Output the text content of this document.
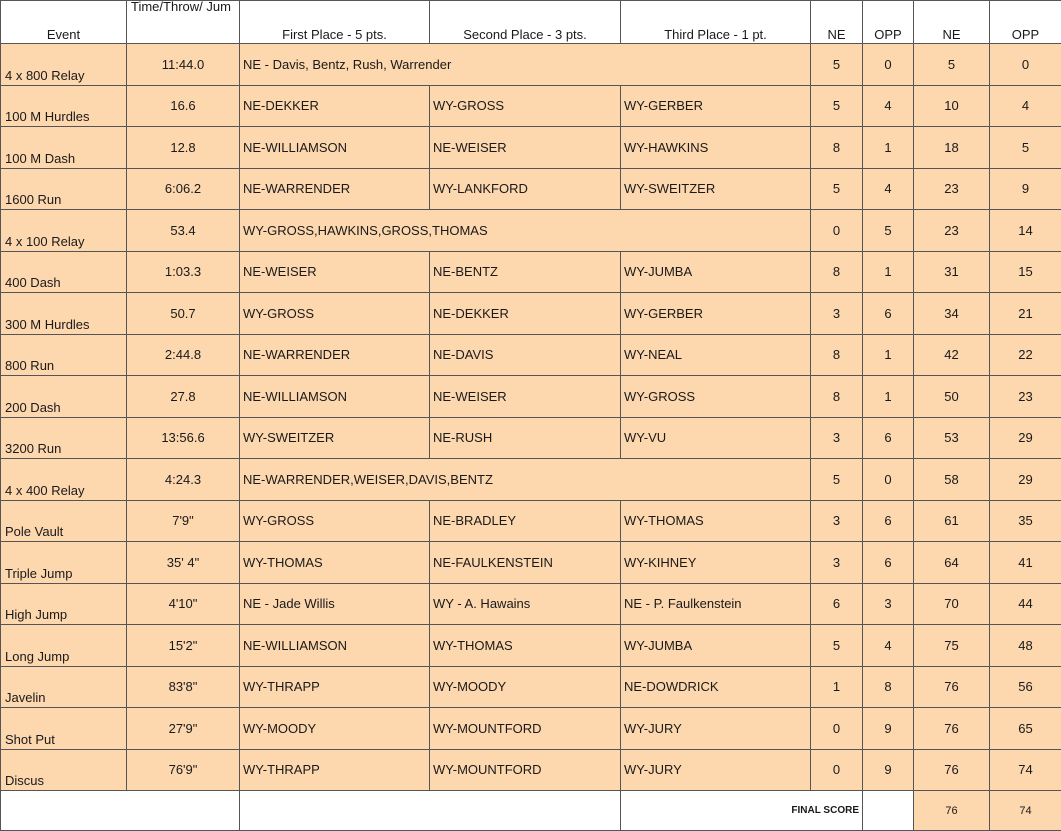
Event	Time/Throw/ Jum	First Place - 5 pts.	Second Place - 3 pts.	Third Place - 1 pt.	NE	OPP	NE	OPP
4 x 800 Relay	11:44.0	NE - Davis, Bentz, Rush, Warrender			5	0	5	0
100 M Hurdles	16.6	NE-DEKKER	WY-GROSS	WY-GERBER	5	4	10	4
100 M Dash	12.8	NE-WILLIAMSON	NE-WEISER	WY-HAWKINS	8	1	18	5
1600 Run	6:06.2	NE-WARRENDER	WY-LANKFORD	WY-SWEITZER	5	4	23	9
4 x 100 Relay	53.4	WY-GROSS,HAWKINS,GROSS,THOMAS			0	5	23	14
400 Dash	1:03.3	NE-WEISER	NE-BENTZ	WY-JUMBA	8	1	31	15
300 M Hurdles	50.7	WY-GROSS	NE-DEKKER	WY-GERBER	3	6	34	21
800 Run	2:44.8	NE-WARRENDER	NE-DAVIS	WY-NEAL	8	1	42	22
200 Dash	27.8	NE-WILLIAMSON	NE-WEISER	WY-GROSS	8	1	50	23
3200 Run	13:56.6	WY-SWEITZER	NE-RUSH	WY-VU	3	6	53	29
4 x 400 Relay	4:24.3	NE-WARRENDER,WEISER,DAVIS,BENTZ			5	0	58	29
Pole Vault	7'9"	WY-GROSS	NE-BRADLEY	WY-THOMAS	3	6	61	35
Triple Jump	35' 4"	WY-THOMAS	NE-FAULKENSTEIN	WY-KIHNEY	3	6	64	41
High Jump	4'10"	NE - Jade Willis	WY - A. Hawains	NE - P. Faulkenstein	6	3	70	44
Long Jump	15'2"	NE-WILLIAMSON	WY-THOMAS	WY-JUMBA	5	4	75	48
Javelin	83'8"	WY-THRAPP	WY-MOODY	NE-DOWDRICK	1	8	76	56
Shot Put	27'9"	WY-MOODY	WY-MOUNTFORD	WY-JURY	0	9	76	65
Discus	76'9"	WY-THRAPP	WY-MOUNTFORD	WY-JURY	0	9	76	74
				FINAL SCORE			76	74
